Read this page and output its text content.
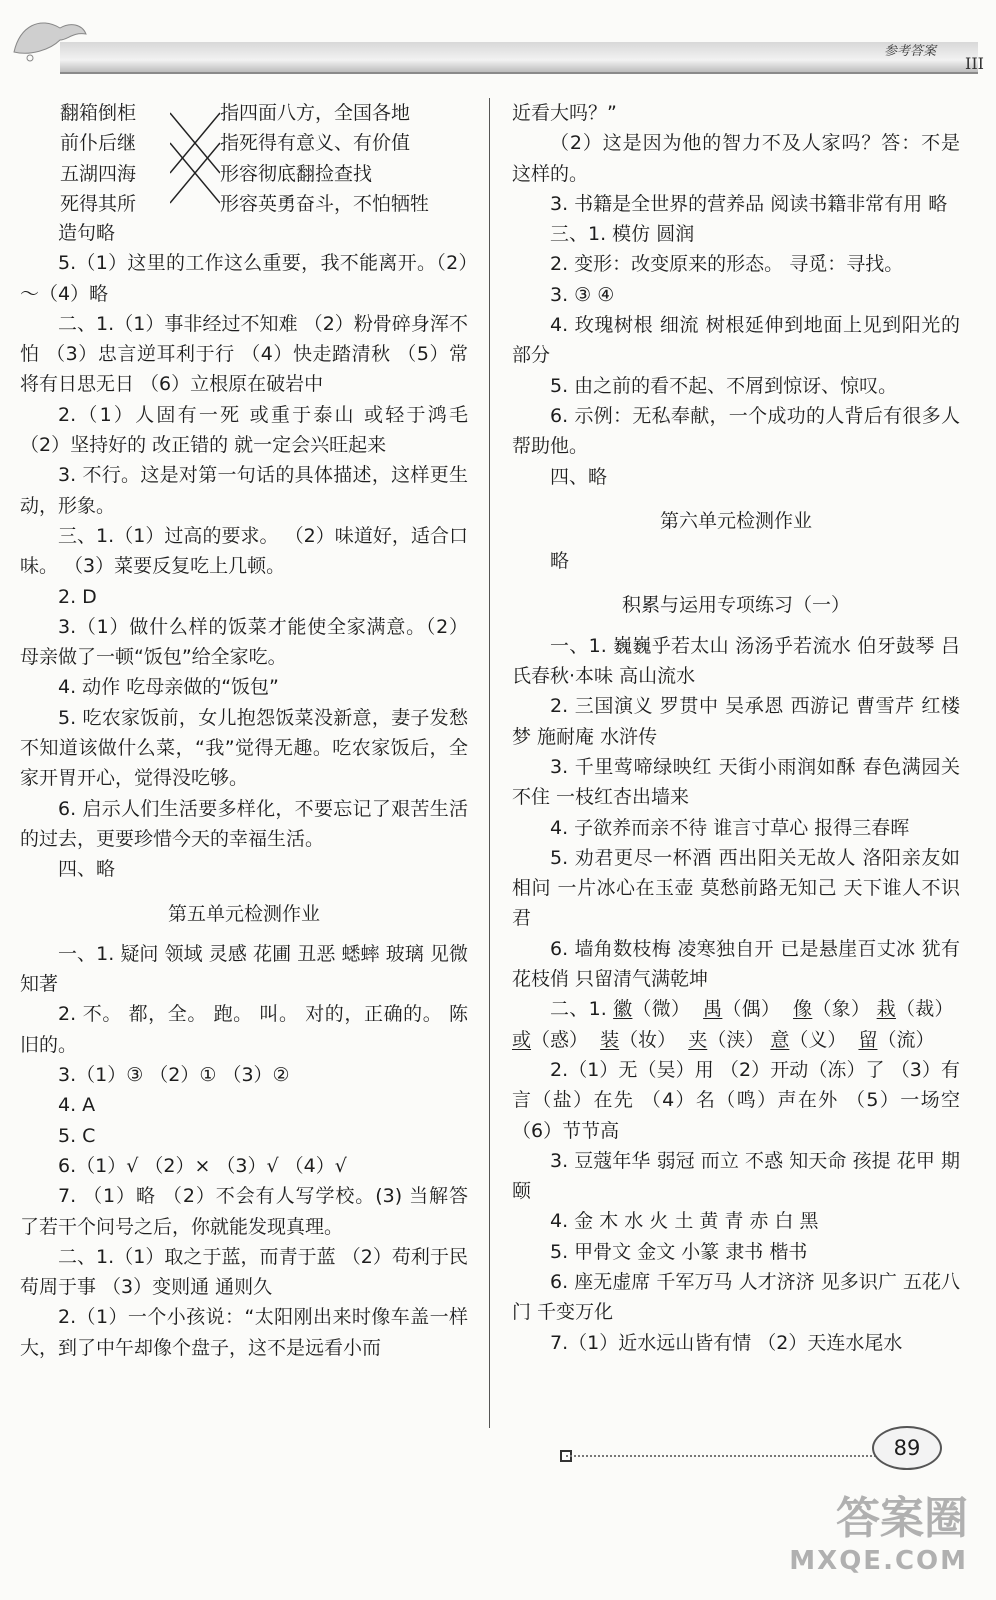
参考答案
III
翻箱倒柜
前仆后继
五湖四海
死得其所
指四面八方，全国各地
指死得有意义、有价值
形容彻底翻捡查找
形容英勇奋斗，不怕牺牲

造句略

5.（1）这里的工作这么重要，我不能离开。（2）～（4）略

二、1.（1）事非经过不知难 （2）粉骨碎身浑不怕 （3）忠言逆耳利于行 （4）快走踏清秋 （5）常将有日思无日 （6）立根原在破岩中

2.（1）人固有一死 或重于泰山 或轻于鸿毛 （2）坚持好的 改正错的 就一定会兴旺起来

3. 不行。这是对第一句话的具体描述，这样更生动，形象。

三、1.（1）过高的要求。 （2）味道好，适合口味。 （3）菜要反复吃上几顿。

2. D

3.（1）做什么样的饭菜才能使全家满意。（2）母亲做了一顿“饭包”给全家吃。

4. 动作 吃母亲做的“饭包”

5. 吃农家饭前，女儿抱怨饭菜没新意，妻子发愁不知道该做什么菜，“我”觉得无趣。吃农家饭后，全家开胃开心，觉得没吃够。

6. 启示人们生活要多样化，不要忘记了艰苦生活的过去，更要珍惜今天的幸福生活。

四、略

第五单元检测作业

一、1. 疑问 领域 灵感 花圃 丑恶 蟋蟀 玻璃 见微知著

2. 不。 都，全。 跑。 叫。 对的，正确的。 陈旧的。

3.（1）③ （2）① （3）②

4. A

5. C

6.（1）√ （2）× （3）√ （4）√

7. （1）略 （2）不会有人写学校。(3) 当解答了若干个问号之后，你就能发现真理。

二、1.（1）取之于蓝，而青于蓝 （2）苟利于民 苟周于事 （3）变则通 通则久

2.（1）一个小孩说：“太阳刚出来时像车盖一样大，到了中午却像个盘子，这不是远看小而

近看大吗？”

（2）这是因为他的智力不及人家吗？答：不是这样的。

3. 书籍是全世界的营养品 阅读书籍非常有用 略

三、1. 模仿 圆润

2. 变形：改变原来的形态。 寻觅：寻找。

3. ③ ④

4. 玫瑰树根 细流 树根延伸到地面上见到阳光的部分

5. 由之前的看不起、不屑到惊讶、惊叹。

6. 示例：无私奉献，一个成功的人背后有很多人帮助他。

四、略

第六单元检测作业

略

积累与运用专项练习（一）

一、1. 巍巍乎若太山 汤汤乎若流水 伯牙鼓琴 吕氏春秋·本味 高山流水

2. 三国演义 罗贯中 吴承恩 西游记 曹雪芹 红楼梦 施耐庵 水浒传

3. 千里莺啼绿映红 天街小雨润如酥 春色满园关不住 一枝红杏出墙来

4. 子欲养而亲不待 谁言寸草心 报得三春晖

5. 劝君更尽一杯酒 西出阳关无故人 洛阳亲友如相问 一片冰心在玉壶 莫愁前路无知己 天下谁人不识君

6. 墙角数枝梅 凌寒独自开 已是悬崖百丈冰 犹有花枝俏 只留清气满乾坤

二、1. 徽（微） 禺（偶） 像（象） 栽（裁）  或（惑） 装（妆） 夹（浃） 意（义） 留（流）

2.（1）无（吴）用 （2）开动（冻）了 （3）有言（盐）在先 （4）名（鸣）声在外 （5）一场空 （6）节节高

3. 豆蔻年华 弱冠 而立 不惑 知天命 孩提 花甲 期颐

4. 金 木 水 火 土 黄 青 赤 白 黑

5. 甲骨文 金文 小篆 隶书 楷书

6. 座无虚席 千军万马 人才济济 见多识广 五花八门 千变万化

7.（1）近水远山皆有情 （2）天连水尾水

89
答案圈
MXQE.COM
